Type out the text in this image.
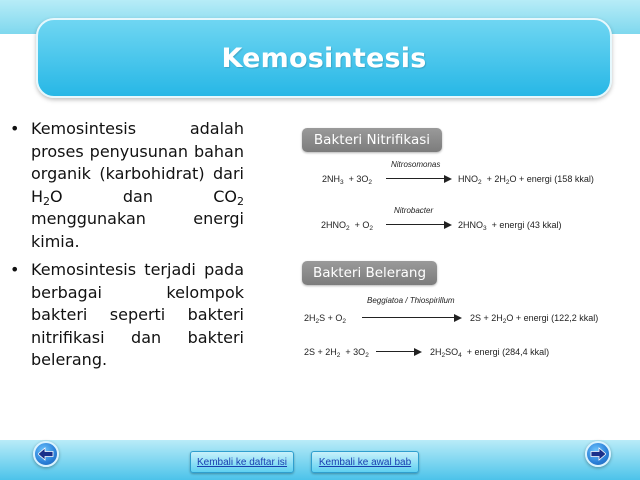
Kemosintesis
• Kemosintesis adalah proses penyusunan bahan organik (karbohidrat) dari $H_2O$ dan $CO_2$ menggunakan energi kimia.
• Kemosintesis terjadi pada berbagai kelompok bakteri seperti bakteri nitrifikasi dan bakteri belerang.
Bakteri Nitrifikasi
Nitrosomonas
$2NH_3 + 3O_2$	$HNO_2 + 2H_2O$ + energi (158 kkal)
Nitrobacter
$2HNO_2 + O_2$	$2HNO_3$ + energi (43 kkal)
Bakteri Belerang
Beggiatoa / Thiospirillum
$2H_2S + O_2$	$2S + 2H_2O$ + energi (122,2 kkal)
$2S + 2H_2 + 3O_2$	$2H_2SO_4$ + energi (284,4 kkal)
Kembali ke daftar isi	Kembali ke awal bab
